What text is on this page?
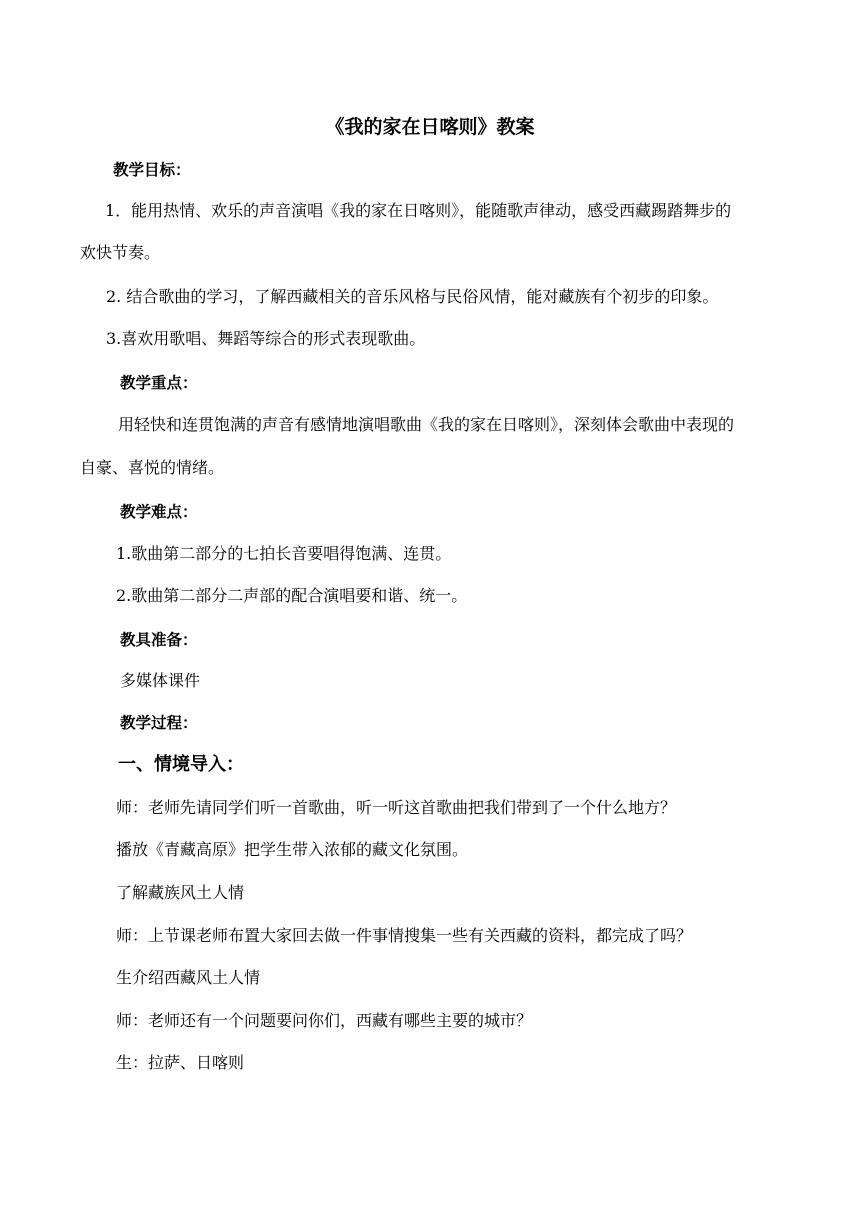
《我的家在日喀则》教案
教学目标：
1．能用热情、欢乐的声音演唱《我的家在日喀则》，能随歌声律动，感受西藏踢踏舞步的
欢快节奏。
2. 结合歌曲的学习，了解西藏相关的音乐风格与民俗风情，能对藏族有个初步的印象。
3.喜欢用歌唱、舞蹈等综合的形式表现歌曲。
教学重点：
用轻快和连贯饱满的声音有感情地演唱歌曲《我的家在日喀则》，深刻体会歌曲中表现的
自豪、喜悦的情绪。
教学难点：
1.歌曲第二部分的七拍长音要唱得饱满、连贯。
2.歌曲第二部分二声部的配合演唱要和谐、统一。
教具准备：
多媒体课件
教学过程：
一、情境导入：
师：老师先请同学们听一首歌曲，听一听这首歌曲把我们带到了一个什么地方？
播放《青藏高原》把学生带入浓郁的藏文化氛围。
了解藏族风土人情
师：上节课老师布置大家回去做一件事情搜集一些有关西藏的资料，都完成了吗？
生介绍西藏风土人情
师：老师还有一个问题要问你们，西藏有哪些主要的城市？
生：拉萨、日喀则
